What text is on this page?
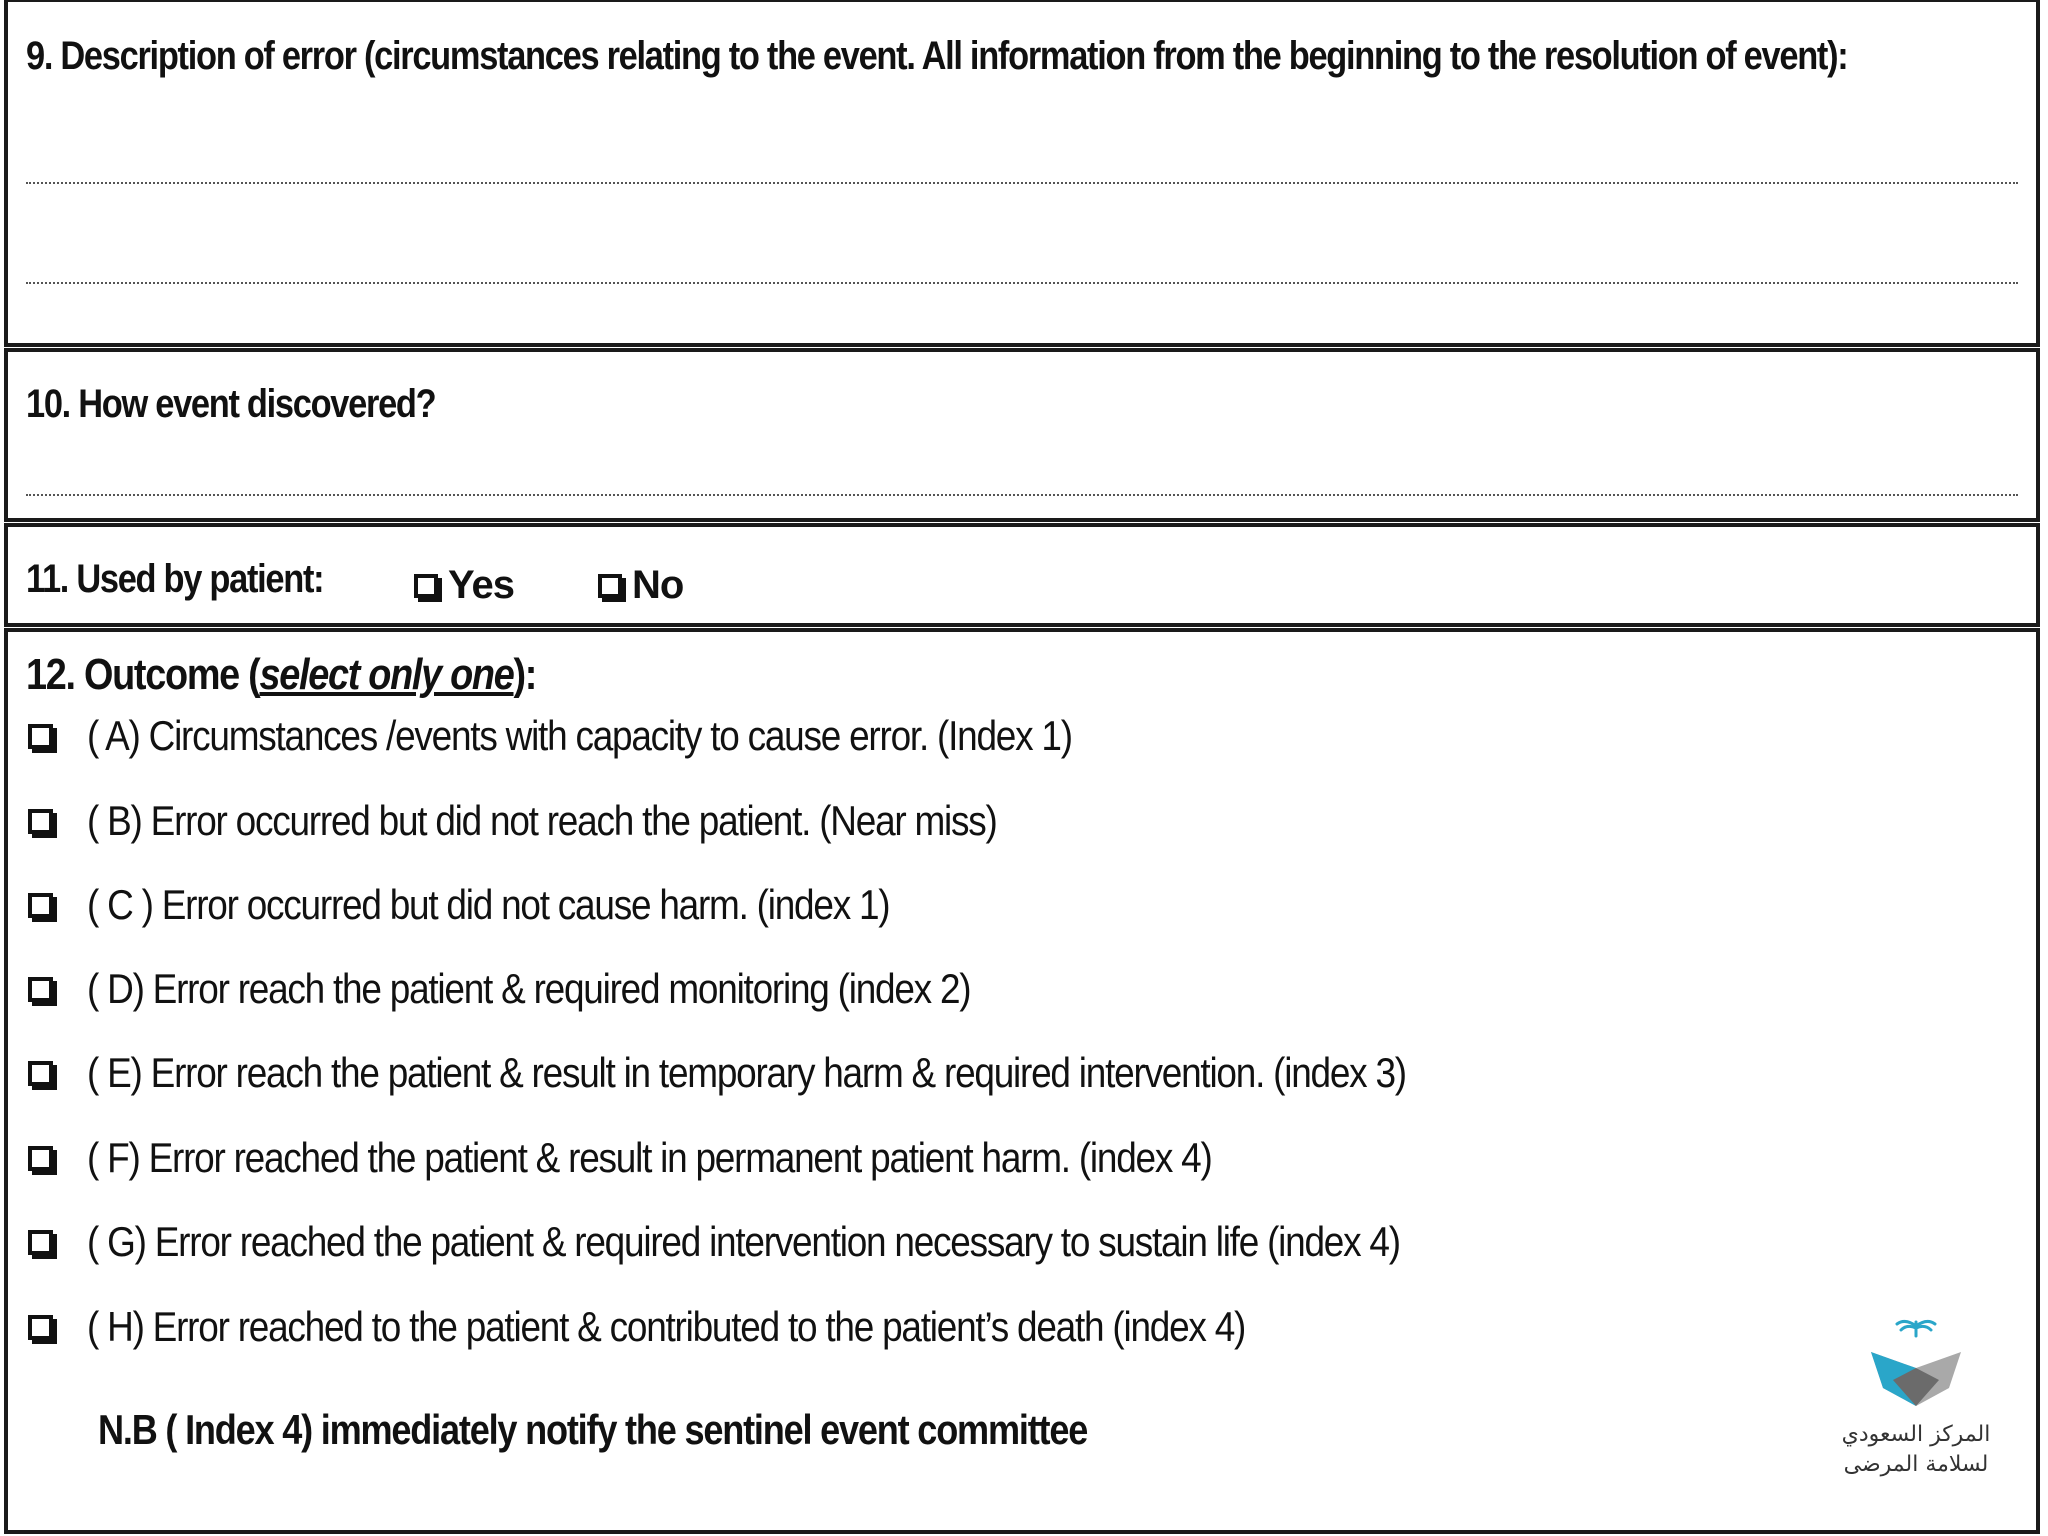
9. Description of error (circumstances relating to the event. All information from the beginning to the resolution of event):
10. How event discovered?
11. Used by patient:	Yes	No
12. Outcome (select only one):
( A) Circumstances /events with capacity to cause error. (Index 1)
( B) Error occurred but did not reach the patient. (Near miss)
( C ) Error occurred but did not cause harm. (index 1)
( D) Error reach the patient & required monitoring (index 2)
( E) Error reach the patient & result in temporary harm & required intervention. (index 3)
( F) Error reached the patient & result in permanent patient harm. (index 4)
( G) Error reached the patient & required intervention necessary to sustain life (index 4)
( H) Error reached to the patient & contributed to the patient’s death (index 4)
N.B ( Index 4) immediately notify the sentinel event committee	المركز السعودي
لسلامة المرضى
